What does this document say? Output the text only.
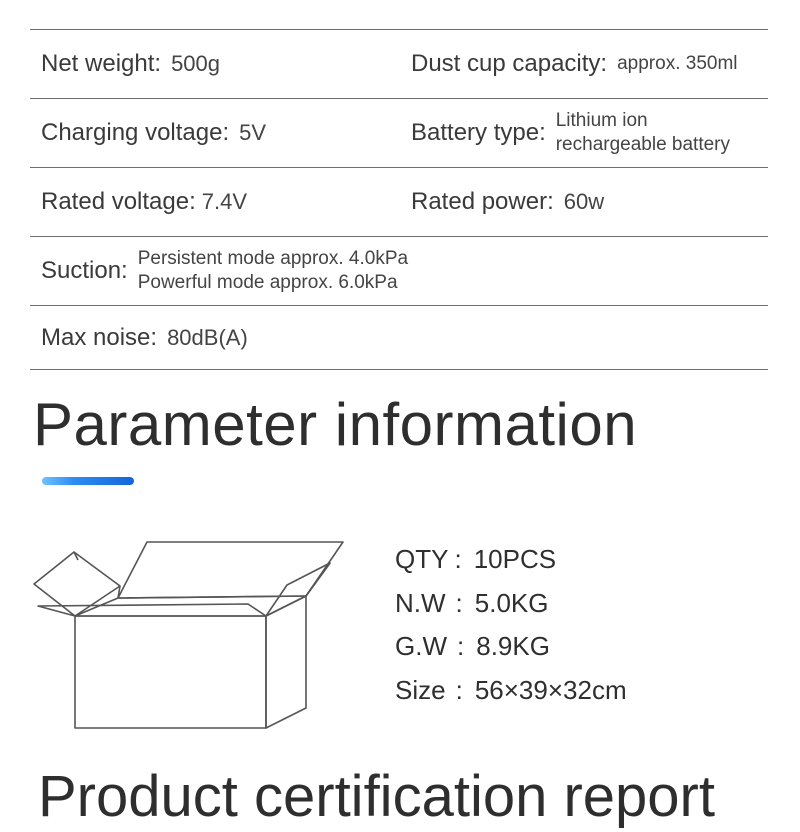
Net weight: 500g	Dust cup capacity: approx. 350ml
Charging voltage: 5V	Battery type: Lithium ion
rechargeable battery
Rated voltage: 7.4V	Rated power: 60w
Suction: Persistent mode approx. 4.0kPa
Powerful mode approx. 6.0kPa
Max noise: 80dB(A)
Parameter information
QTY : 10PCS
N.W : 5.0KG
G.W : 8.9KG
Size : 56×39×32cm
Product certification report
